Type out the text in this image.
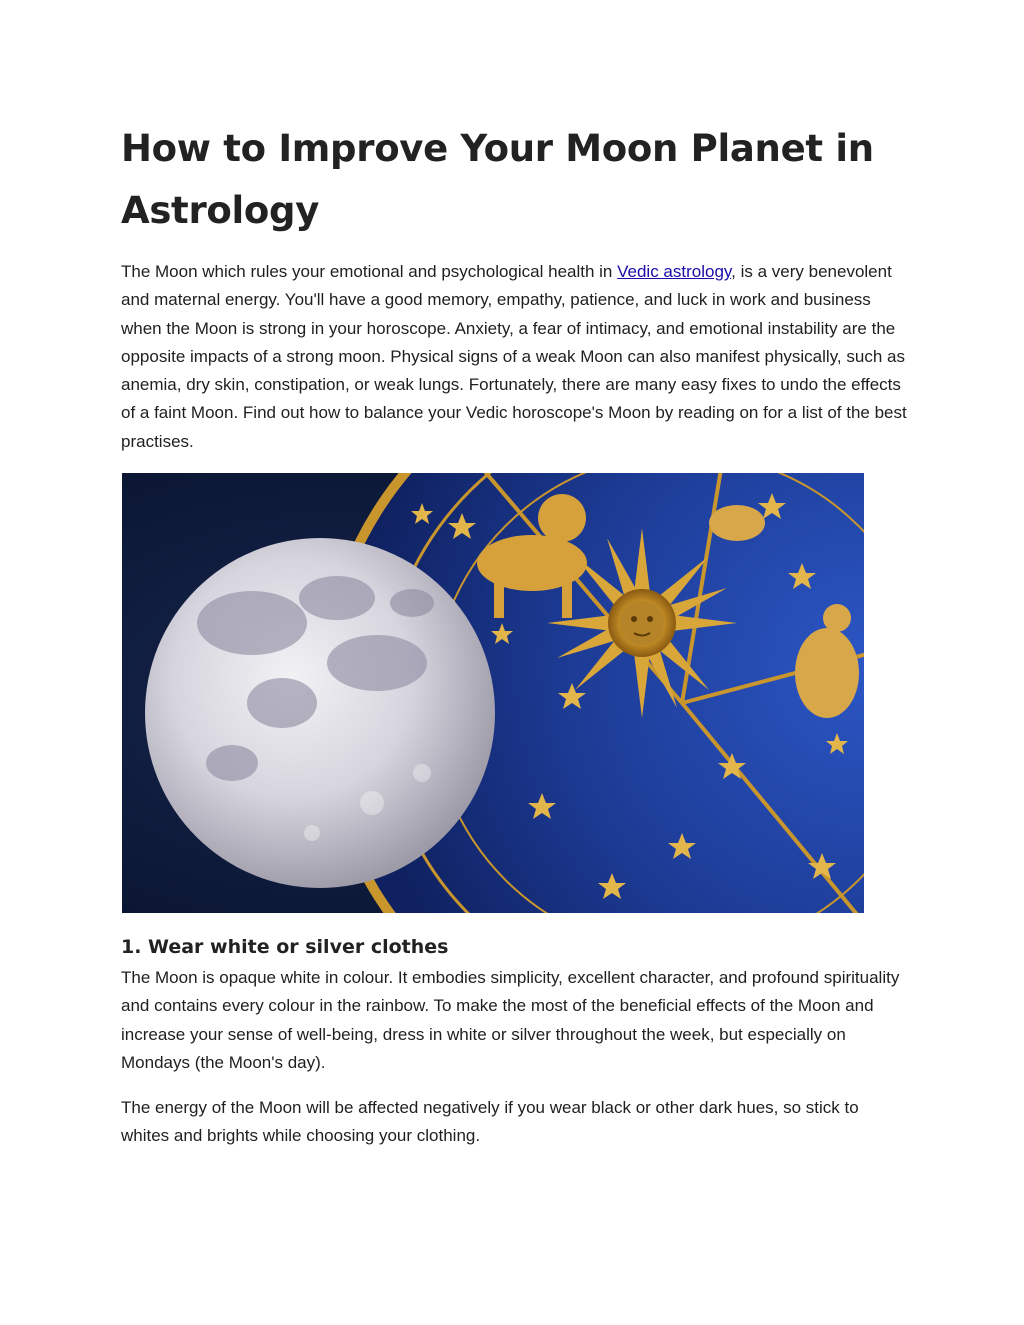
How to Improve Your Moon Planet in Astrology

The Moon which rules your emotional and psychological health in Vedic astrology, is a very benevolent and maternal energy. You'll have a good memory, empathy, patience, and luck in work and business when the Moon is strong in your horoscope. Anxiety, a fear of intimacy, and emotional instability are the opposite impacts of a strong moon. Physical signs of a weak Moon can also manifest physically, such as anemia, dry skin, constipation, or weak lungs. Fortunately, there are many easy fixes to undo the effects of a faint Moon. Find out how to balance your Vedic horoscope's Moon by reading on for a list of the best practises.

1. Wear white or silver clothes

The Moon is opaque white in colour. It embodies simplicity, excellent character, and profound spirituality and contains every colour in the rainbow. To make the most of the beneficial effects of the Moon and increase your sense of well-being, dress in white or silver throughout the week, but especially on Mondays (the Moon's day).

The energy of the Moon will be affected negatively if you wear black or other dark hues, so stick to whites and brights while choosing your clothing.
